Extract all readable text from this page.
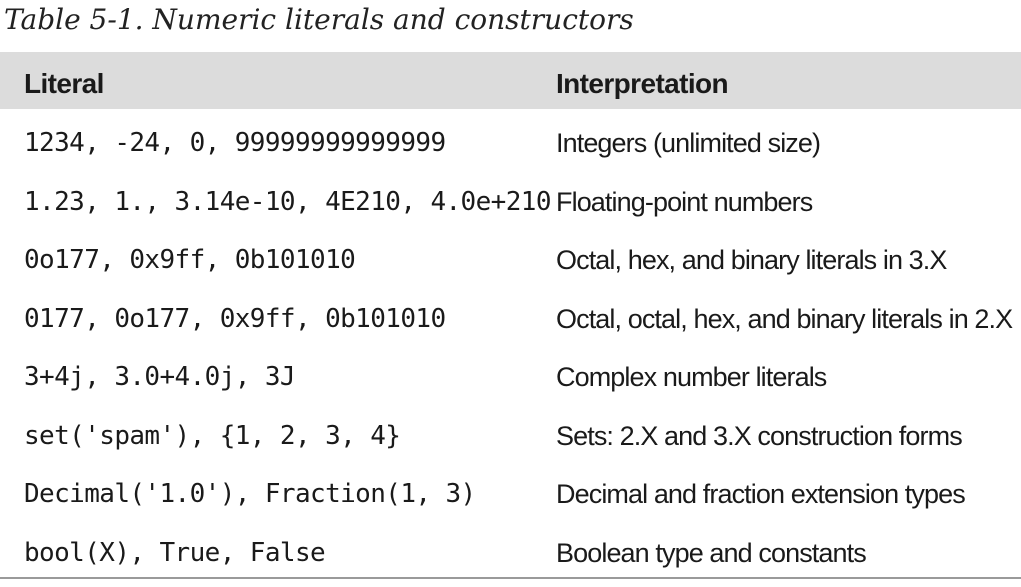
Table 5-1. Numeric literals and constructors
Literal	Interpretation
1234, -24, 0, 99999999999999	Integers (unlimited size)
1.23, 1., 3.14e-10, 4E210, 4.0e+210 Floating-point numbers
0o177, 0x9ff, 0b101010	Octal, hex, and binary literals in 3.X
0177, 0o177, 0x9ff, 0b101010	Octal, octal, hex, and binary literals in 2.X
3+4j, 3.0+4.0j, 3J	Complex number literals
set('spam'), {1, 2, 3, 4}	Sets: 2.X and 3.X construction forms
Decimal('1.0'), Fraction(1, 3)	Decimal and fraction extension types
bool(X), True, False	Boolean type and constants
